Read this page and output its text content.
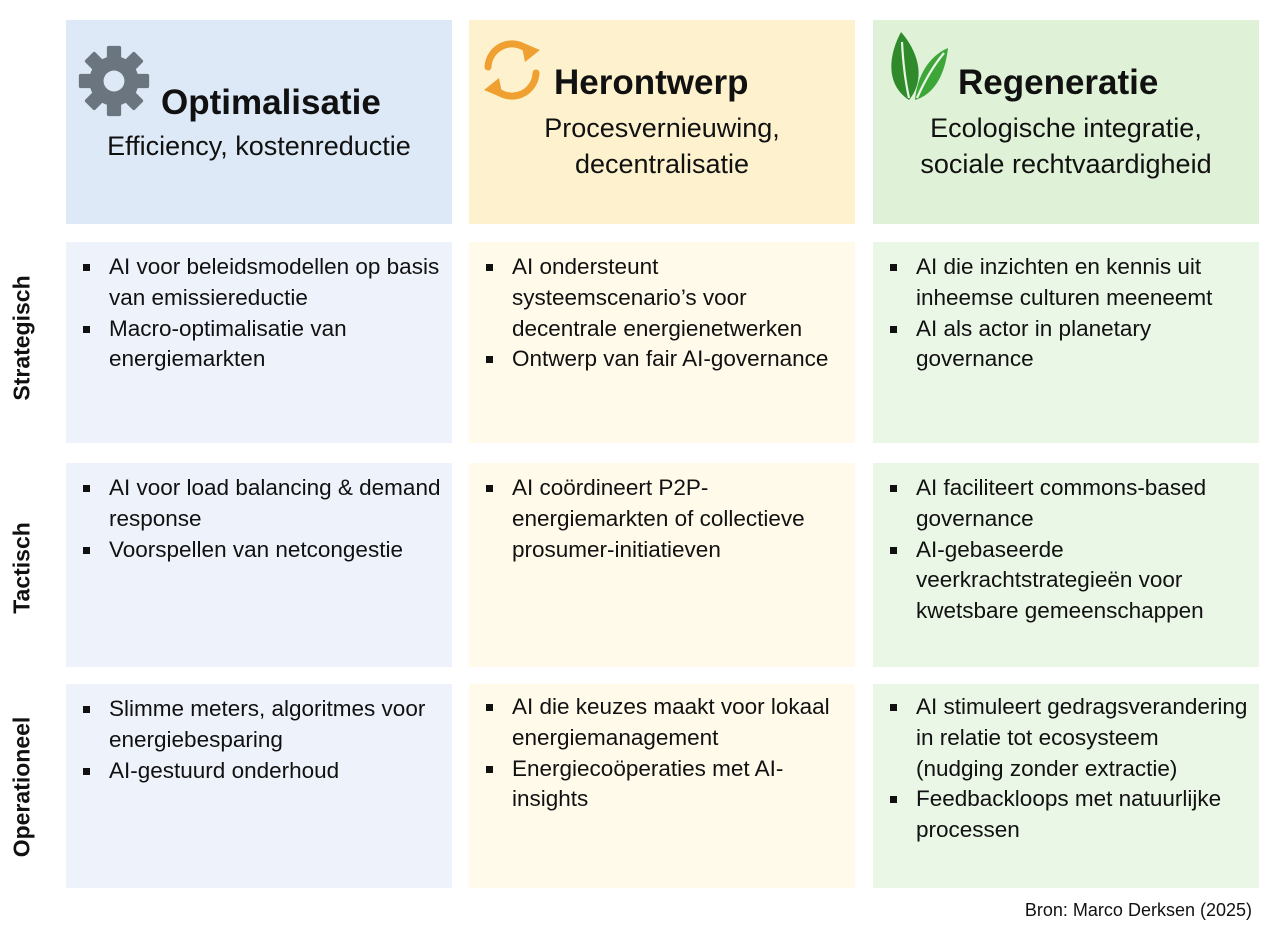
Optimalisatie
Efficiency, kostenreductie
Herontwerp
Procesvernieuwing, decentralisatie
Regeneratie
Ecologische integratie, sociale rechtvaardigheid
Strategisch
Tactisch
Operationeel
AI voor beleidsmodellen op basis van emissiereductie
Macro-optimalisatie van energiemarkten
AI ondersteunt systeemscenario’s voor decentrale energienetwerken
Ontwerp van fair AI-governance
AI die inzichten en kennis uit inheemse culturen meeneemt
AI als actor in planetary governance
AI voor load balancing & demand response
Voorspellen van netcongestie
AI coördineert P2P-energiemarkten of collectieve prosumer-initiatieven
AI faciliteert commons-based governance
AI-gebaseerde veerkrachtstrategieën voor kwetsbare gemeenschappen
Slimme meters, algoritmes voor energiebesparing
AI-gestuurd onderhoud
AI die keuzes maakt voor lokaal energiemanagement
Energiecoöperaties met AI-insights
AI stimuleert gedragsverandering in relatie tot ecosysteem (nudging zonder extractie)
Feedbackloops met natuurlijke processen
Bron: Marco Derksen (2025)
